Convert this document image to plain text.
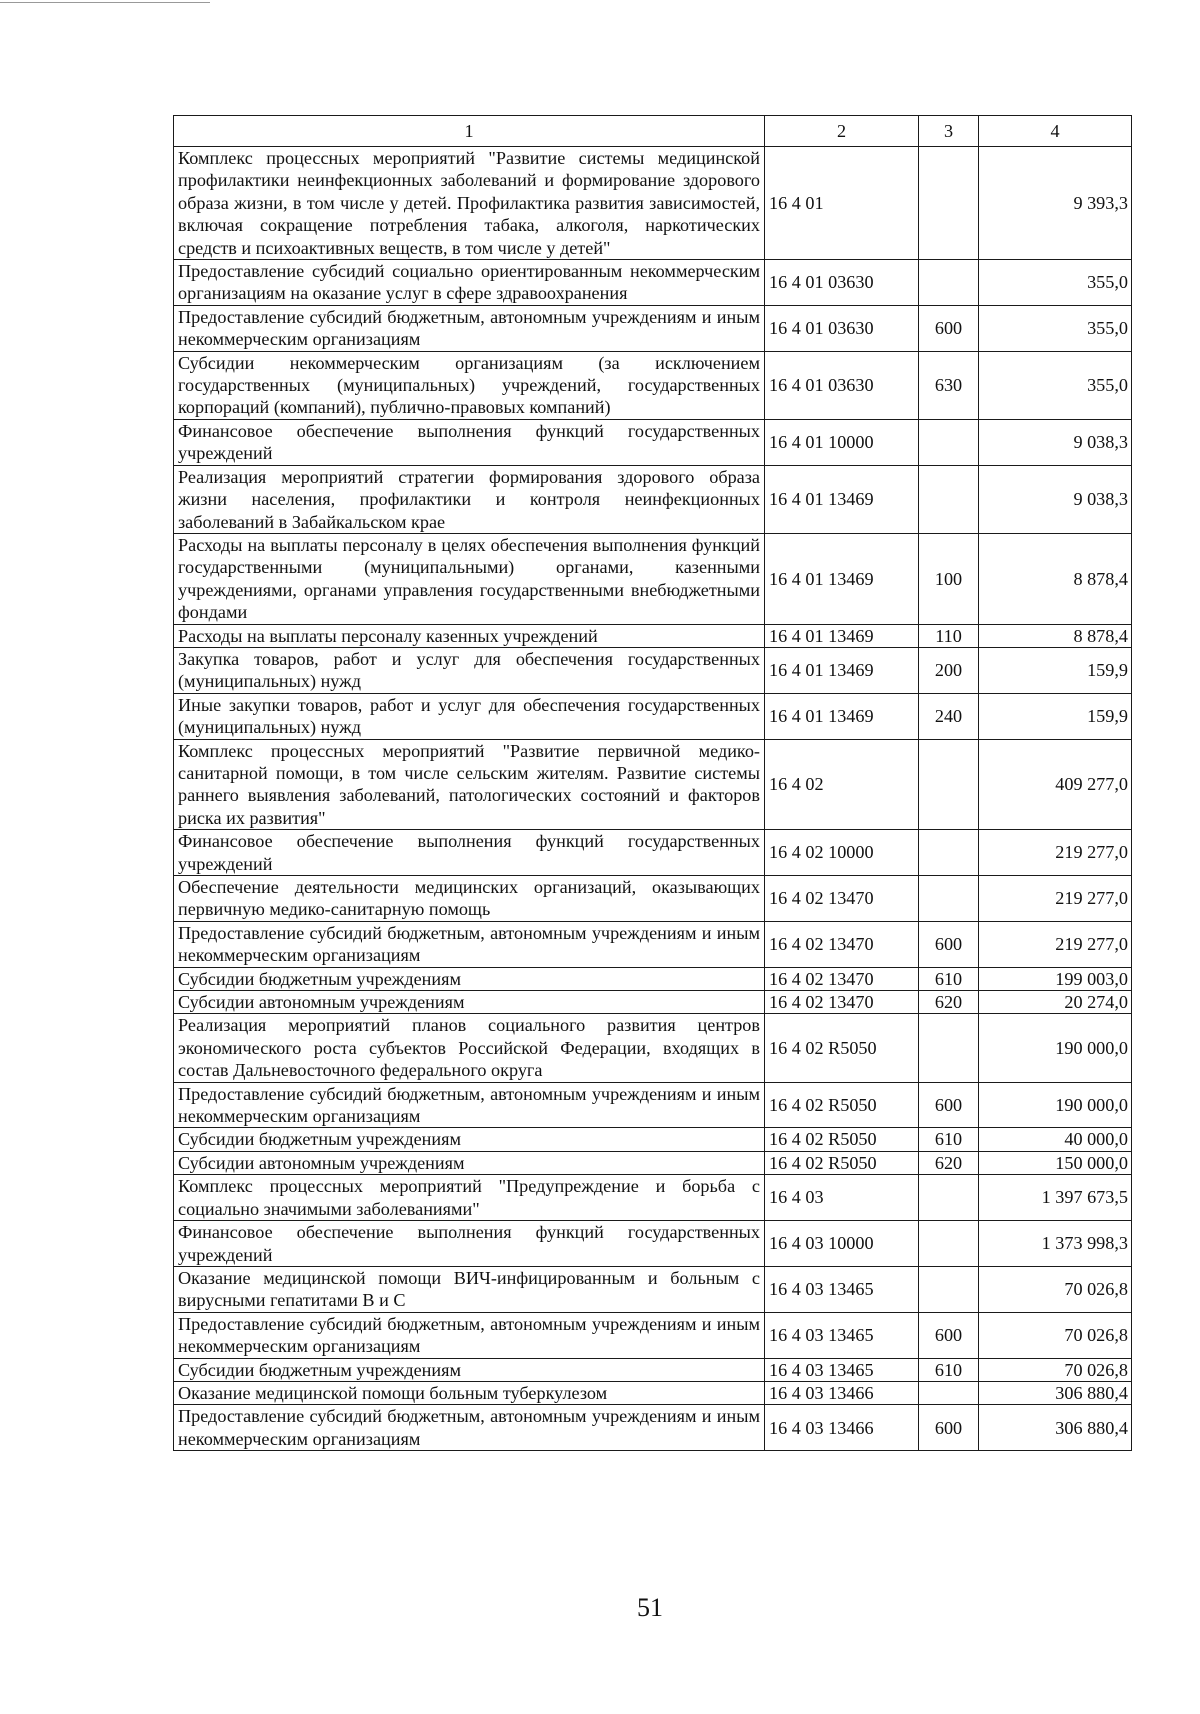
1	2	3	4
Комплекс процессных мероприятий "Развитие системы медицинской профилактики неинфекционных заболеваний и формирование здорового образа жизни, в том числе у детей. Профилактика развития зависимостей, включая сокращение потребления табака, алкоголя, наркотических средств и психоактивных веществ, в том числе у детей"	16 4 01		9 393,3
Предоставление субсидий социально ориентированным некоммерческим организациям на оказание услуг в сфере здравоохранения	16 4 01 03630		355,0
Предоставление субсидий бюджетным, автономным учреждениям и иным некоммерческим организациям	16 4 01 03630	600	355,0
Субсидии некоммерческим организациям (за исключением государственных (муниципальных) учреждений, государственных корпораций (компаний), публично-правовых компаний)	16 4 01 03630	630	355,0
Финансовое обеспечение выполнения функций государственных учреждений	16 4 01 10000		9 038,3
Реализация мероприятий стратегии формирования здорового образа жизни населения, профилактики и контроля неинфекционных заболеваний в Забайкальском крае	16 4 01 13469		9 038,3
Расходы на выплаты персоналу в целях обеспечения выполнения функций государственными (муниципальными) органами, казенными учреждениями, органами управления государственными внебюджетными фондами	16 4 01 13469	100	8 878,4
Расходы на выплаты персоналу казенных учреждений	16 4 01 13469	110	8 878,4
Закупка товаров, работ и услуг для обеспечения государственных (муниципальных) нужд	16 4 01 13469	200	159,9
Иные закупки товаров, работ и услуг для обеспечения государственных (муниципальных) нужд	16 4 01 13469	240	159,9
Комплекс процессных мероприятий "Развитие первичной медико-санитарной помощи, в том числе сельским жителям. Развитие системы раннего выявления заболеваний, патологических состояний и факторов риска их развития"	16 4 02		409 277,0
Финансовое обеспечение выполнения функций государственных учреждений	16 4 02 10000		219 277,0
Обеспечение деятельности медицинских организаций, оказывающих первичную медико-санитарную помощь	16 4 02 13470		219 277,0
Предоставление субсидий бюджетным, автономным учреждениям и иным некоммерческим организациям	16 4 02 13470	600	219 277,0
Субсидии бюджетным учреждениям	16 4 02 13470	610	199 003,0
Субсидии автономным учреждениям	16 4 02 13470	620	20 274,0
Реализация мероприятий планов социального развития центров экономического роста субъектов Российской Федерации, входящих в состав Дальневосточного федерального округа	16 4 02 R5050		190 000,0
Предоставление субсидий бюджетным, автономным учреждениям и иным некоммерческим организациям	16 4 02 R5050	600	190 000,0
Субсидии бюджетным учреждениям	16 4 02 R5050	610	40 000,0
Субсидии автономным учреждениям	16 4 02 R5050	620	150 000,0
Комплекс процессных мероприятий "Предупреждение и борьба с социально значимыми заболеваниями"	16 4 03		1 397 673,5
Финансовое обеспечение выполнения функций государственных учреждений	16 4 03 10000		1 373 998,3
Оказание медицинской помощи ВИЧ-инфицированным и больным с вирусными гепатитами B и C	16 4 03 13465		70 026,8
Предоставление субсидий бюджетным, автономным учреждениям и иным некоммерческим организациям	16 4 03 13465	600	70 026,8
Субсидии бюджетным учреждениям	16 4 03 13465	610	70 026,8
Оказание медицинской помощи больным туберкулезом	16 4 03 13466		306 880,4
Предоставление субсидий бюджетным, автономным учреждениям и иным некоммерческим организациям	16 4 03 13466	600	306 880,4
51
